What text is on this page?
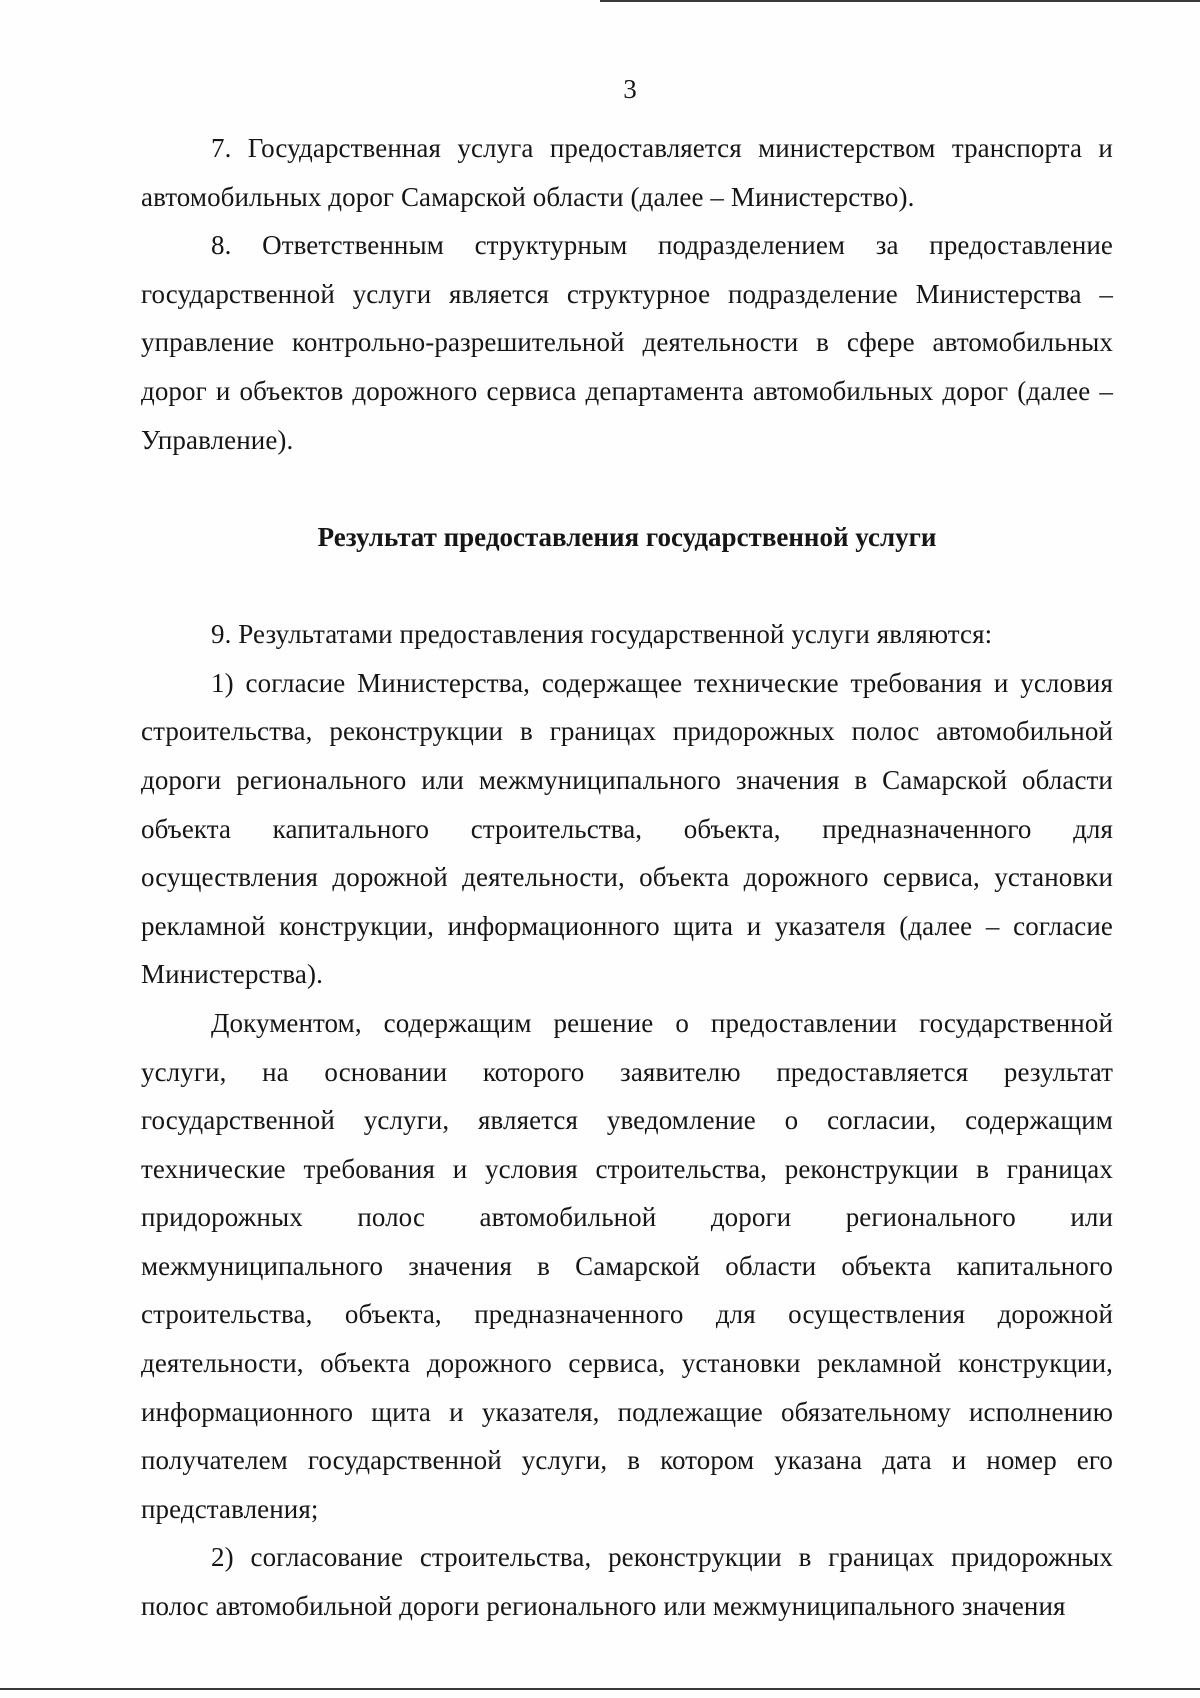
3

7. Государственная услуга предоставляется министерством транспорта и автомобильных дорог Самарской области (далее – Министерство).

8. Ответственным структурным подразделением за предоставление государственной услуги является структурное подразделение Министерства – управление контрольно-разрешительной деятельности в сфере автомобильных дорог и объектов дорожного сервиса департамента автомобильных дорог (далее – Управление).

Результат предоставления государственной услуги

9. Результатами предоставления государственной услуги являются:

1) согласие Министерства, содержащее технические требования и условия строительства, реконструкции в границах придорожных полос автомобильной дороги регионального или межмуниципального значения в Самарской области объекта капитального строительства, объекта, предназначенного для осуществления дорожной деятельности, объекта дорожного сервиса, установки рекламной конструкции, информационного щита и указателя (далее – согласие Министерства).

Документом, содержащим решение о предоставлении государственной услуги, на основании которого заявителю предоставляется результат государственной услуги, является уведомление о согласии, содержащим технические требования и условия строительства, реконструкции в границах придорожных полос автомобильной дороги регионального или межмуниципального значения в Самарской области объекта капитального строительства, объекта, предназначенного для осуществления дорожной деятельности, объекта дорожного сервиса, установки рекламной конструкции, информационного щита и указателя, подлежащие обязательному исполнению получателем государственной услуги, в котором указана дата и номер его представления;

2) согласование строительства, реконструкции в границах придорожных полос автомобильной дороги регионального или межмуниципального значения
